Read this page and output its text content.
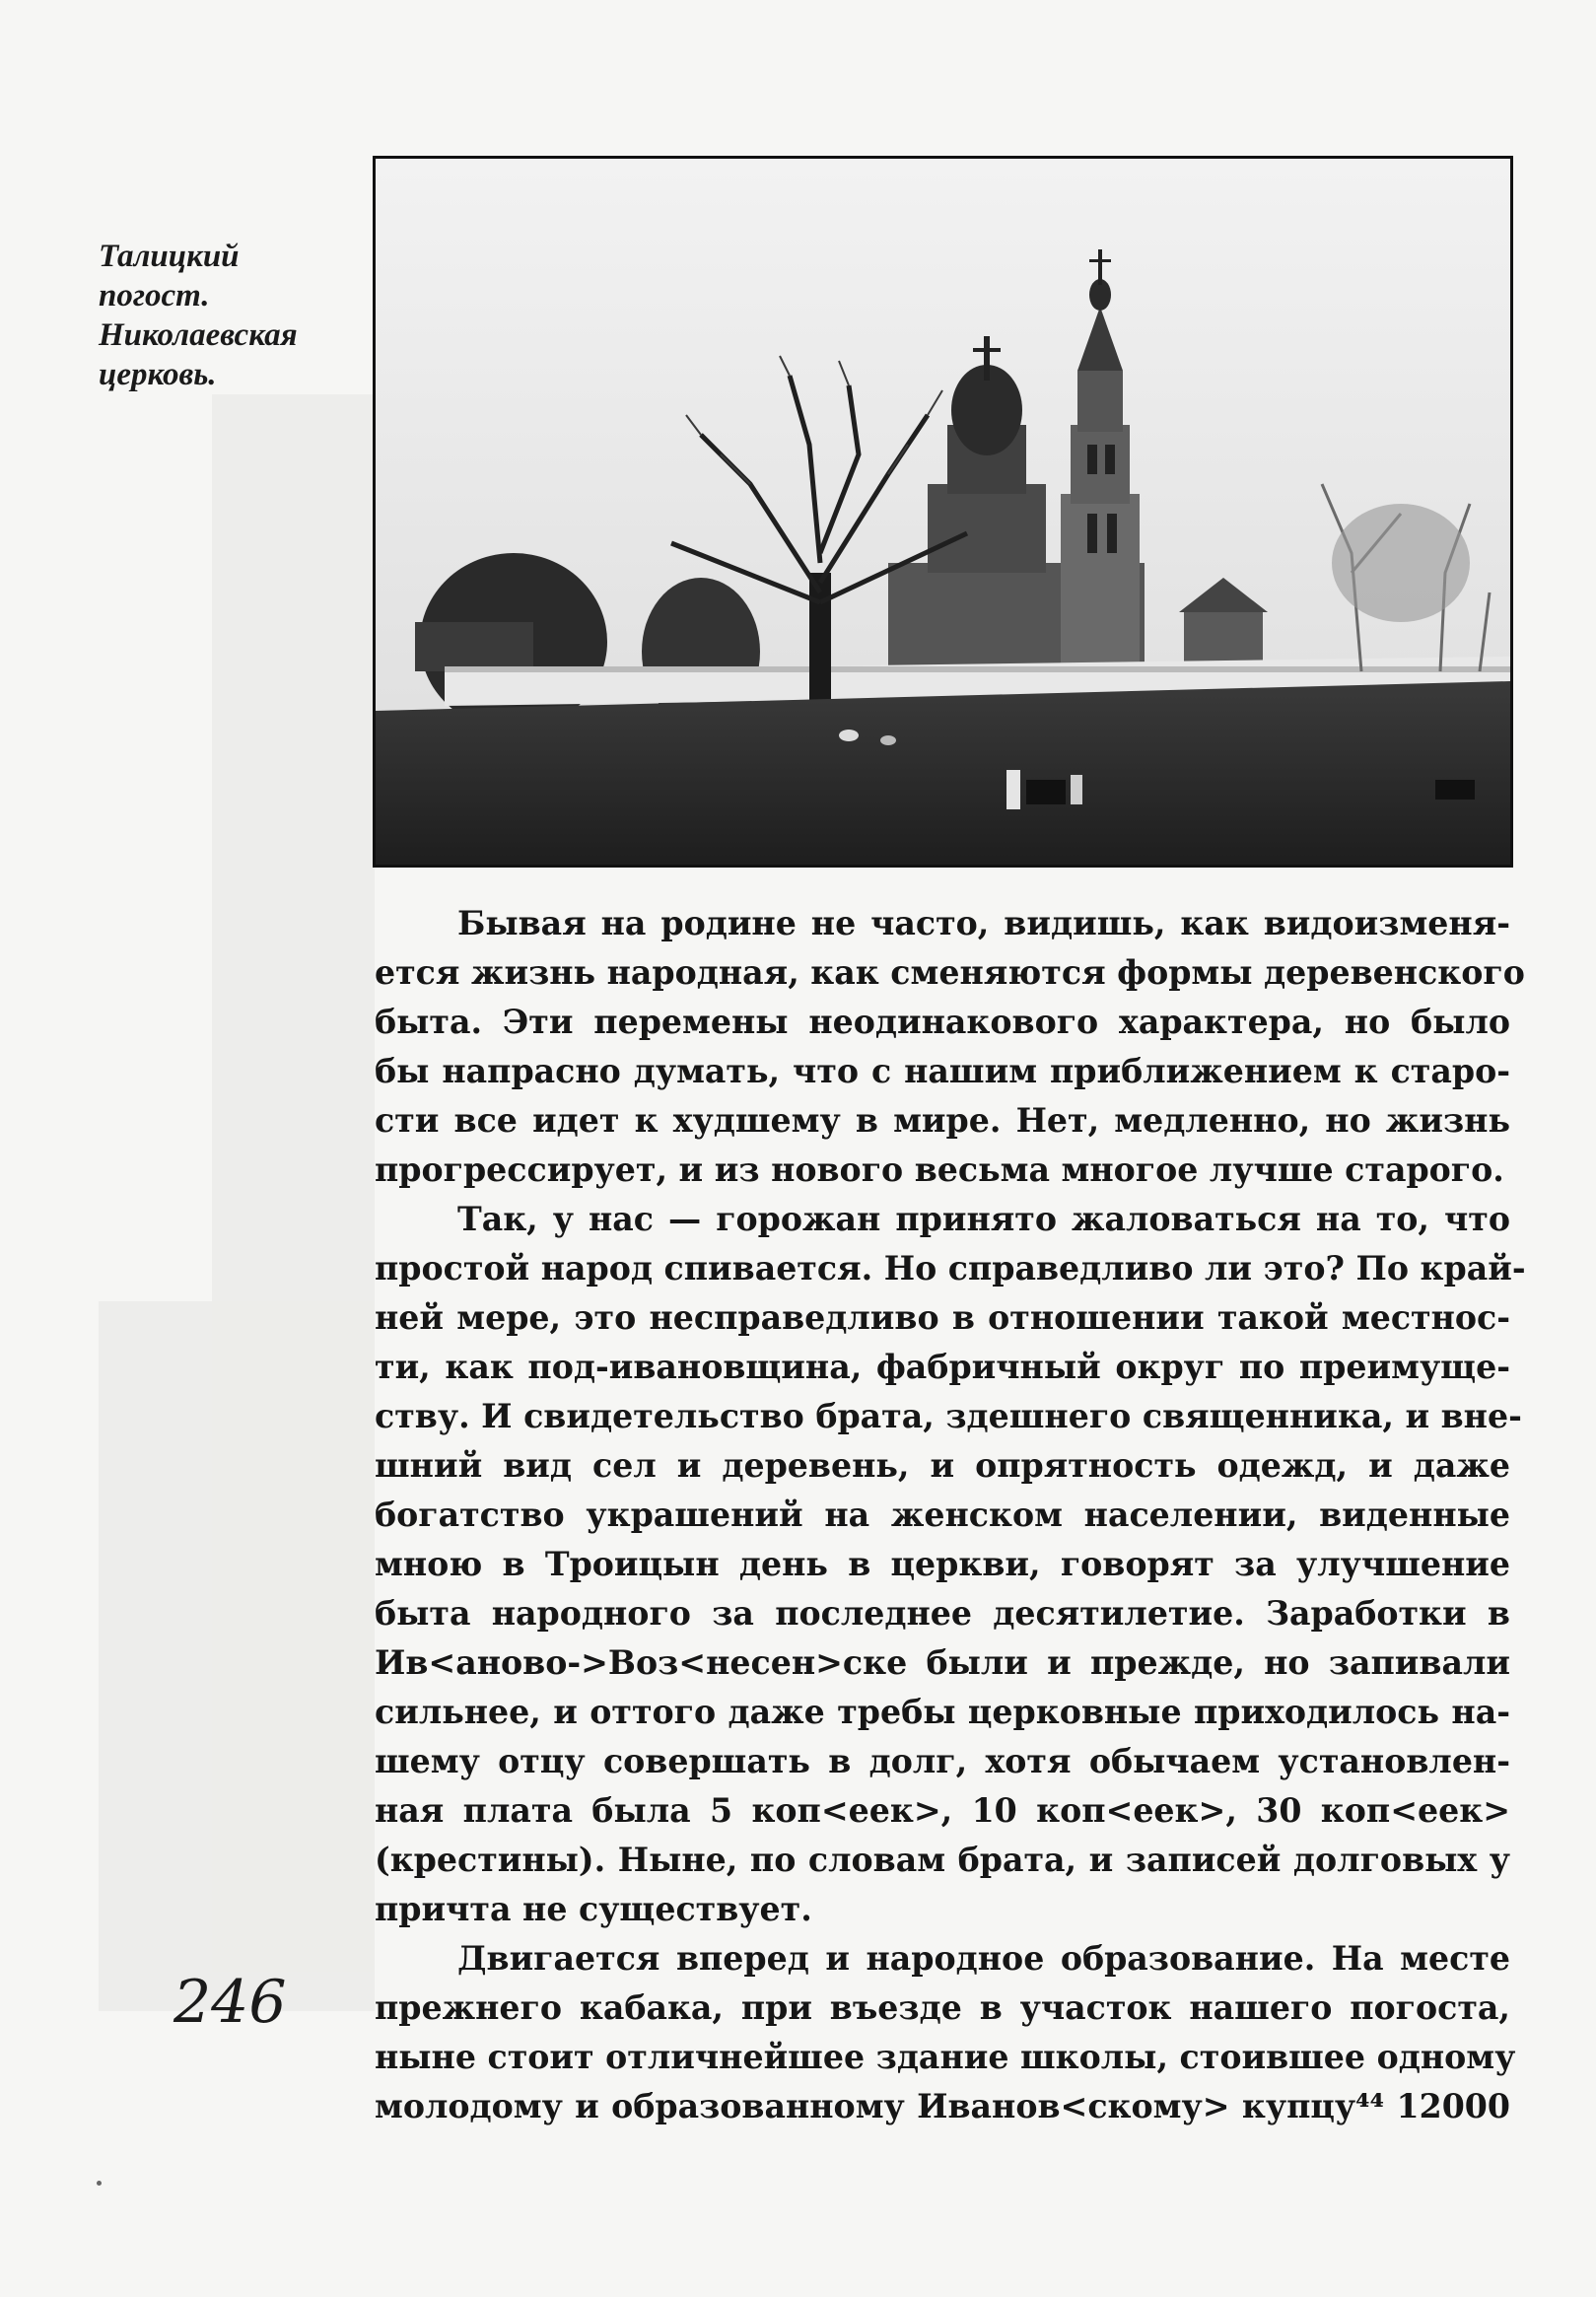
Талицкий
погост.
Николаевская
церковь.
Бывая на родине не часто, видишь, как видоизменя-
ется жизнь народная, как сменяются формы деревенского
быта. Эти перемены неодинакового характера, но было
бы напрасно думать, что с нашим приближением к старо-
сти все идет к худшему в мире. Нет, медленно, но жизнь
прогрессирует, и из нового весьма многое лучше старого.
Так, у нас — горожан принято жаловаться на то, что
простой народ спивается. Но справедливо ли это? По край-
ней мере, это несправедливо в отношении такой местнос-
ти, как под-ивановщина, фабричный округ по преимуще-
ству. И свидетельство брата, здешнего священника, и вне-
шний вид сел и деревень, и опрятность одежд, и даже
богатство украшений на женском населении, виденные
мною в Троицын день в церкви, говорят за улучшение
быта народного за последнее десятилетие. Заработки в
Ив<аново->Воз<несен>ске были и прежде, но запивали
сильнее, и оттого даже требы церковные приходилось на-
шему отцу совершать в долг, хотя обычаем установлен-
ная плата была 5 коп<еек>, 10 коп<еек>, 30 коп<еек>
(крестины). Ныне, по словам брата, и записей долговых у
причта не существует.
Двигается вперед и народное образование. На месте
прежнего кабака, при въезде в участок нашего погоста,
ныне стоит отличнейшее здание школы, стоившее одному
молодому и образованному Иванов<скому> купцу⁴⁴ 12000
246
